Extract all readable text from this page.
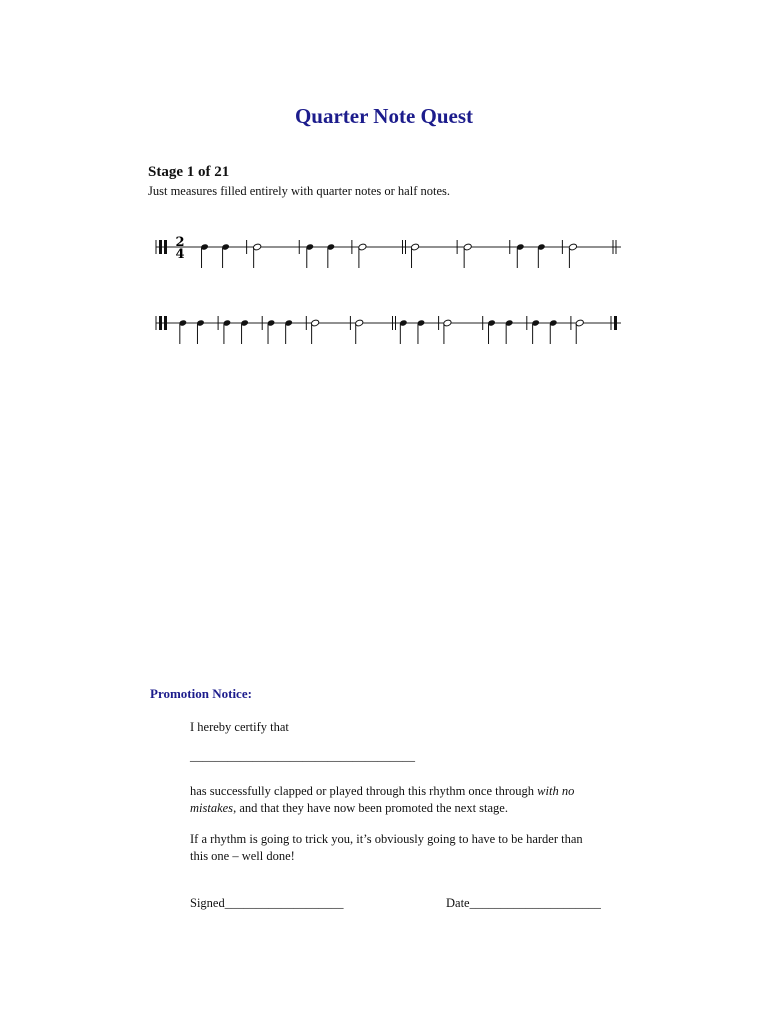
Quarter Note Quest
Stage 1 of 21
Just measures filled entirely with quarter notes or half notes.
2
4
Promotion Notice:
I hereby certify that
____________________________________
has successfully clapped or played through this rhythm once through with no mistakes, and that they have now been promoted the next stage.
If a rhythm is going to trick you, it’s obviously going to have to be harder than this one – well done!
Signed___________________	Date_____________________
